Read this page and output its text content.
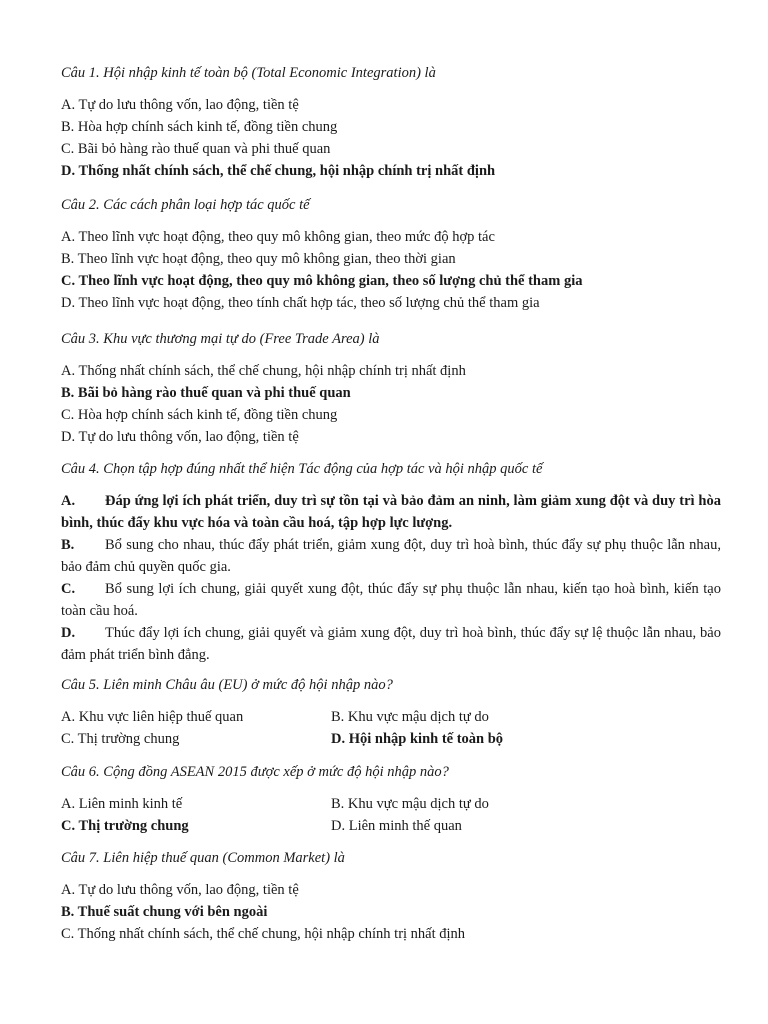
Câu 1. Hội nhập kinh tế toàn bộ (Total Economic Integration) là
A. Tự do lưu thông vốn, lao động, tiền tệ
B. Hòa hợp chính sách kinh tế, đồng tiền chung
C. Bãi bỏ hàng rào thuế quan và phi thuế quan
D. Thống nhất chính sách, thể chế chung, hội nhập chính trị nhất định
Câu 2. Các cách phân loại hợp tác quốc tế
A. Theo lĩnh vực hoạt động, theo quy mô không gian, theo mức độ hợp tác
B. Theo lĩnh vực hoạt động, theo quy mô không gian, theo thời gian
C. Theo lĩnh vực hoạt động, theo quy mô không gian, theo số lượng chủ thể tham gia
D. Theo lĩnh vực hoạt động, theo tính chất hợp tác, theo số lượng chủ thể tham gia
Câu 3. Khu vực thương mại tự do (Free Trade Area) là
A. Thống nhất chính sách, thể chế chung, hội nhập chính trị nhất định
B. Bãi bỏ hàng rào thuế quan và phi thuế quan
C. Hòa hợp chính sách kinh tế, đồng tiền chung
D. Tự do lưu thông vốn, lao động, tiền tệ
Câu 4. Chọn tập hợp đúng nhất thể hiện Tác động của hợp tác và hội nhập quốc tế
A. Đáp ứng lợi ích phát triển, duy trì sự tồn tại và bảo đảm an ninh, làm giảm xung đột và duy trì hòa bình, thúc đẩy khu vực hóa và toàn cầu hoá, tập hợp lực lượng.
B. Bổ sung cho nhau, thúc đẩy phát triển, giảm xung đột, duy trì hoà bình, thúc đẩy sự phụ thuộc lẫn nhau, bảo đảm chủ quyền quốc gia.
C. Bổ sung lợi ích chung, giải quyết xung đột, thúc đẩy sự phụ thuộc lẫn nhau, kiến tạo hoà bình, kiến tạo toàn cầu hoá.
D. Thúc đẩy lợi ích chung, giải quyết và giảm xung đột, duy trì hoà bình, thúc đẩy sự lệ thuộc lẫn nhau, bảo đảm phát triển bình đẳng.
Câu 5. Liên minh Châu âu (EU) ở mức độ hội nhập nào?
A. Khu vực liên hiệp thuế quan	B. Khu vực mậu dịch tự do
C. Thị trường chung	D. Hội nhập kinh tế toàn bộ
Câu 6. Cộng đồng ASEAN 2015 được xếp ở mức độ hội nhập nào?
A. Liên minh kinh tế	B. Khu vực mậu dịch tự do
C. Thị trường chung	D. Liên minh thế quan
Câu 7. Liên hiệp thuế quan (Common Market) là
A. Tự do lưu thông vốn, lao động, tiền tệ
B. Thuế suất chung với bên ngoài
C. Thống nhất chính sách, thể chế chung, hội nhập chính trị nhất định
